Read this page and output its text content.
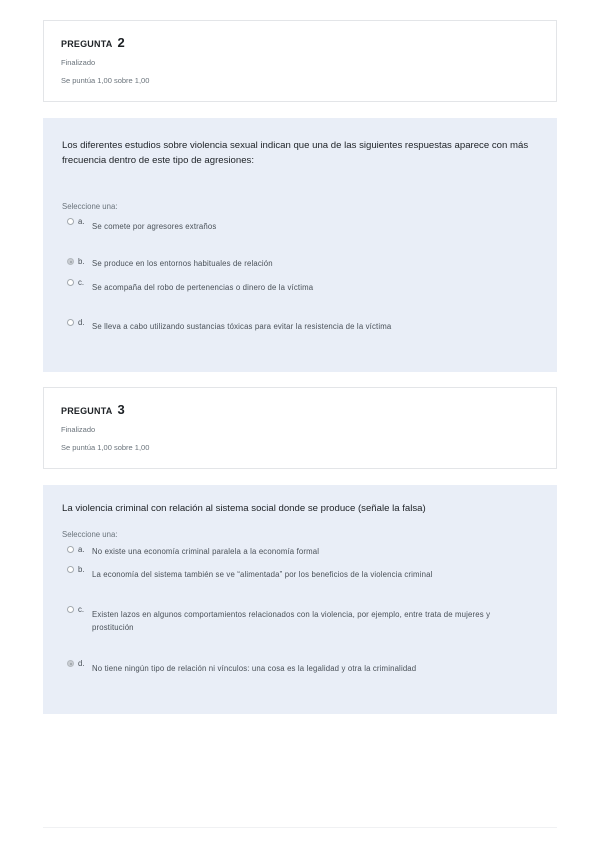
PREGUNTA 2
Finalizado
Se puntúa 1,00 sobre 1,00
Los diferentes estudios sobre violencia sexual indican que una de las siguientes respuestas aparece con más frecuencia dentro de este tipo de agresiones:
Seleccione una:
a.
Se comete por agresores extraños
b. Se produce en los entornos habituales de relación
c.
Se acompaña del robo de pertenencias o dinero de la víctima
d. Se lleva a cabo utilizando sustancias tóxicas para evitar la resistencia de la víctima
PREGUNTA 3
Finalizado
Se puntúa 1,00 sobre 1,00
La violencia criminal con relación al sistema social donde se produce (señale la falsa)
Seleccione una:
a. No existe una economía criminal paralela a la economía formal
b.
La economía del sistema también se ve “alimentada” por los beneficios de la violencia criminal
c.
Existen lazos en algunos comportamientos relacionados con la violencia, por ejemplo, entre trata de mujeres y prostitución
d.
No tiene ningún tipo de relación ni vínculos: una cosa es la legalidad y otra la criminalidad
